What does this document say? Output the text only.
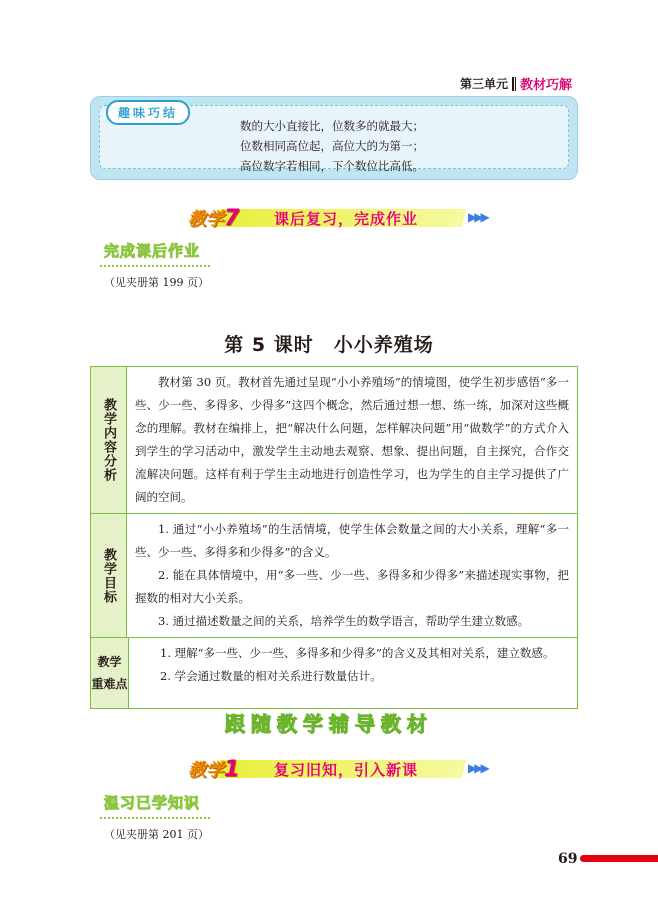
第三单元 教材巧解
趣味巧结
数的大小直接比，位数多的就最大；
位数相同高位起，高位大的为第一；
高位数字若相同，下个数位比高低。
教学7 课后复习，完成作业	▶▶▶
完成课后作业
（见夹册第 199 页）
第 5 课时　小小养殖场
教学内容分析

教材第 30 页。教材首先通过呈现“小小养殖场”的情境图，使学生初步感悟“多一些、少一些、多得多、少得多”这四个概念，然后通过想一想、练一练，加深对这些概念的理解。教材在编排上，把“解决什么问题，怎样解决问题”用“做数学”的方式介入到学生的学习活动中，激发学生主动地去观察、想象、提出问题，自主探究，合作交流解决问题。这样有利于学生主动地进行创造性学习，也为学生的自主学习提供了广阔的空间。

教学目标

1. 通过“小小养殖场”的生活情境，使学生体会数量之间的大小关系，理解“多一些、少一些、多得多和少得多”的含义。

2. 能在具体情境中，用“多一些、少一些、多得多和少得多”来描述现实事物，把握数的相对大小关系。

3. 通过描述数量之间的关系，培养学生的数学语言，帮助学生建立数感。

教学
重难点

1. 理解“多一些、少一些、多得多和少得多”的含义及其相对关系，建立数感。

2. 学会通过数量的相对关系进行数量估计。

跟随教学辅导教材
教学1 复习旧知，引入新课	▶▶▶
温习已学知识
（见夹册第 201 页）
69
